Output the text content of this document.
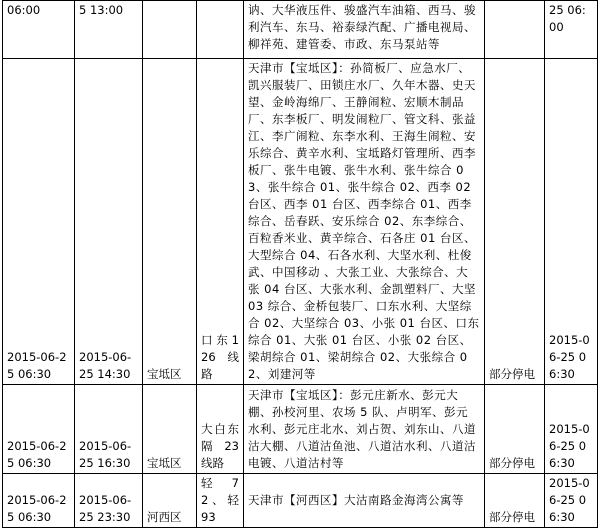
06:00	5 13:00			讷、大华液压件、骏盛汽车油箱、西马、骏利汽车、东马、裕泰绿汽配、广播电视局、柳祥苑、建管委、市政、东马泵站等		25 06:00
2015-06-25 06:30	2015-06-25 14:30	宝坻区	口 东 126 线路	天津市【宝坻区】：孙简板厂、应急水厂、凯兴服装厂、田锁庄水厂、久年木器、史天望、金岭海绵厂、王静闹粒、宏顺木制品厂、东李板厂、明发闹粒厂、管文科、张益江、李广闹粒、东李水利、王海生闹粒、安乐综合、黄辛水利、宝坻路灯管理所、西李板厂、张牛电镀、张牛水利、张牛综合 03、张牛综合 01、张牛综合 02、西李 02 台区、西李 01 台区、西李综合 01、西李综合、岳春跃、安乐综合 02、东李综合、百粒香米业、黄辛综合、石各庄 01 台区、大型综合 04、石各水利、大坚水利、杜俊武、中国移动 、大张工业、大张综合、大张 04 台区、大张水利、金凯塑料厂、大坚 03 综合、金桥包装厂、口东水利、大坚综合 02、大坚综合 03、小张 01 台区、口东综合 01、大张 01 台区、小张 02 台区、梁胡综合 01、梁胡综合 02、大张综合 02、刘建河等	部分停电	2015-06-25 06:30
2015-06-25 06:30	2015-06-25 16:30	宝坻区	大白东隔 23 线路	天津市【宝坻区】：彭元庄新水、彭元大棚、孙校河里、农场 5 队、卢明军、彭元水利、彭元庄北水、刘占贺、刘东山、八道沽大棚、八道沽鱼池、八道沽水利、八道沽电镀、八道沽村等	部分停电	2015-06-25 06:30
2015-06-25 06:30	2015-06-25 23:30	河西区	轻 72、轻 93	天津市【河西区】大沽南路金海湾公寓等	部分停电	2015-06-25 06:30
